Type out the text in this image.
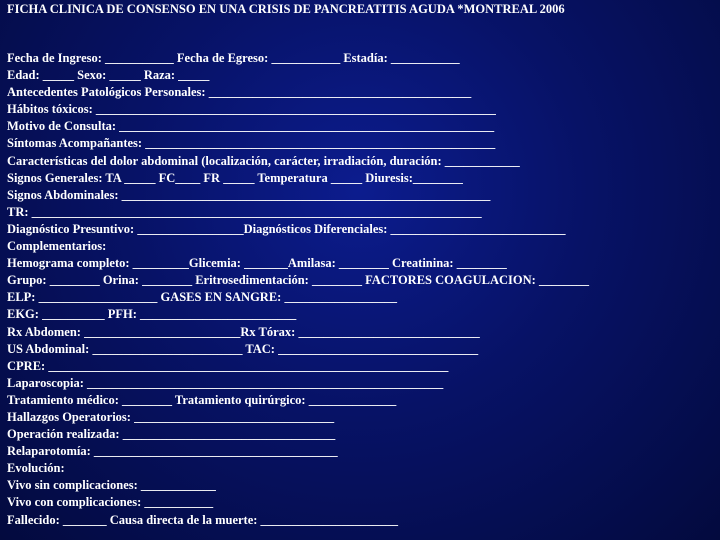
FICHA CLINICA DE CONSENSO EN UNA CRISIS DE PANCREATITIS AGUDA *MONTREAL 2006
Fecha de Ingreso: ___________ Fecha de Egreso: ___________ Estadía: ___________
Edad: _____ Sexo: _____ Raza: _____
Antecedentes Patológicos Personales: __________________________________________
Hábitos tóxicos: ________________________________________________________________
Motivo de Consulta: ____________________________________________________________
Síntomas Acompañantes: ________________________________________________________
Características del dolor abdominal (localización, carácter, irradiación, duración: ____________
Signos Generales: TA _____ FC____ FR _____ Temperatura _____ Diuresis:________
Signos Abdominales: ___________________________________________________________
TR: ________________________________________________________________________
Diagnóstico Presuntivo: _________________Diagnósticos Diferenciales: ____________________________
Complementarios:
Hemograma completo: _________Glicemia: _______Amilasa: ________ Creatinina: ________
Grupo: ________ Orina: ________ Eritrosedimentación: ________ FACTORES COAGULACION: ________
ELP: ___________________ GASES EN SANGRE: __________________
EKG: __________ PFH: _________________________
Rx Abdomen: _________________________Rx Tórax: _____________________________
US Abdominal: ________________________ TAC: ________________________________
CPRE: ________________________________________________________________
Laparoscopia: _________________________________________________________
Tratamiento médico: ________ Tratamiento quirúrgico: ______________
Hallazgos Operatorios: ________________________________
Operación realizada: __________________________________
Relaparotomía: _______________________________________
Evolución:
Vivo sin complicaciones: ____________
Vivo con complicaciones: ___________
Fallecido: _______ Causa directa de la muerte: ______________________
